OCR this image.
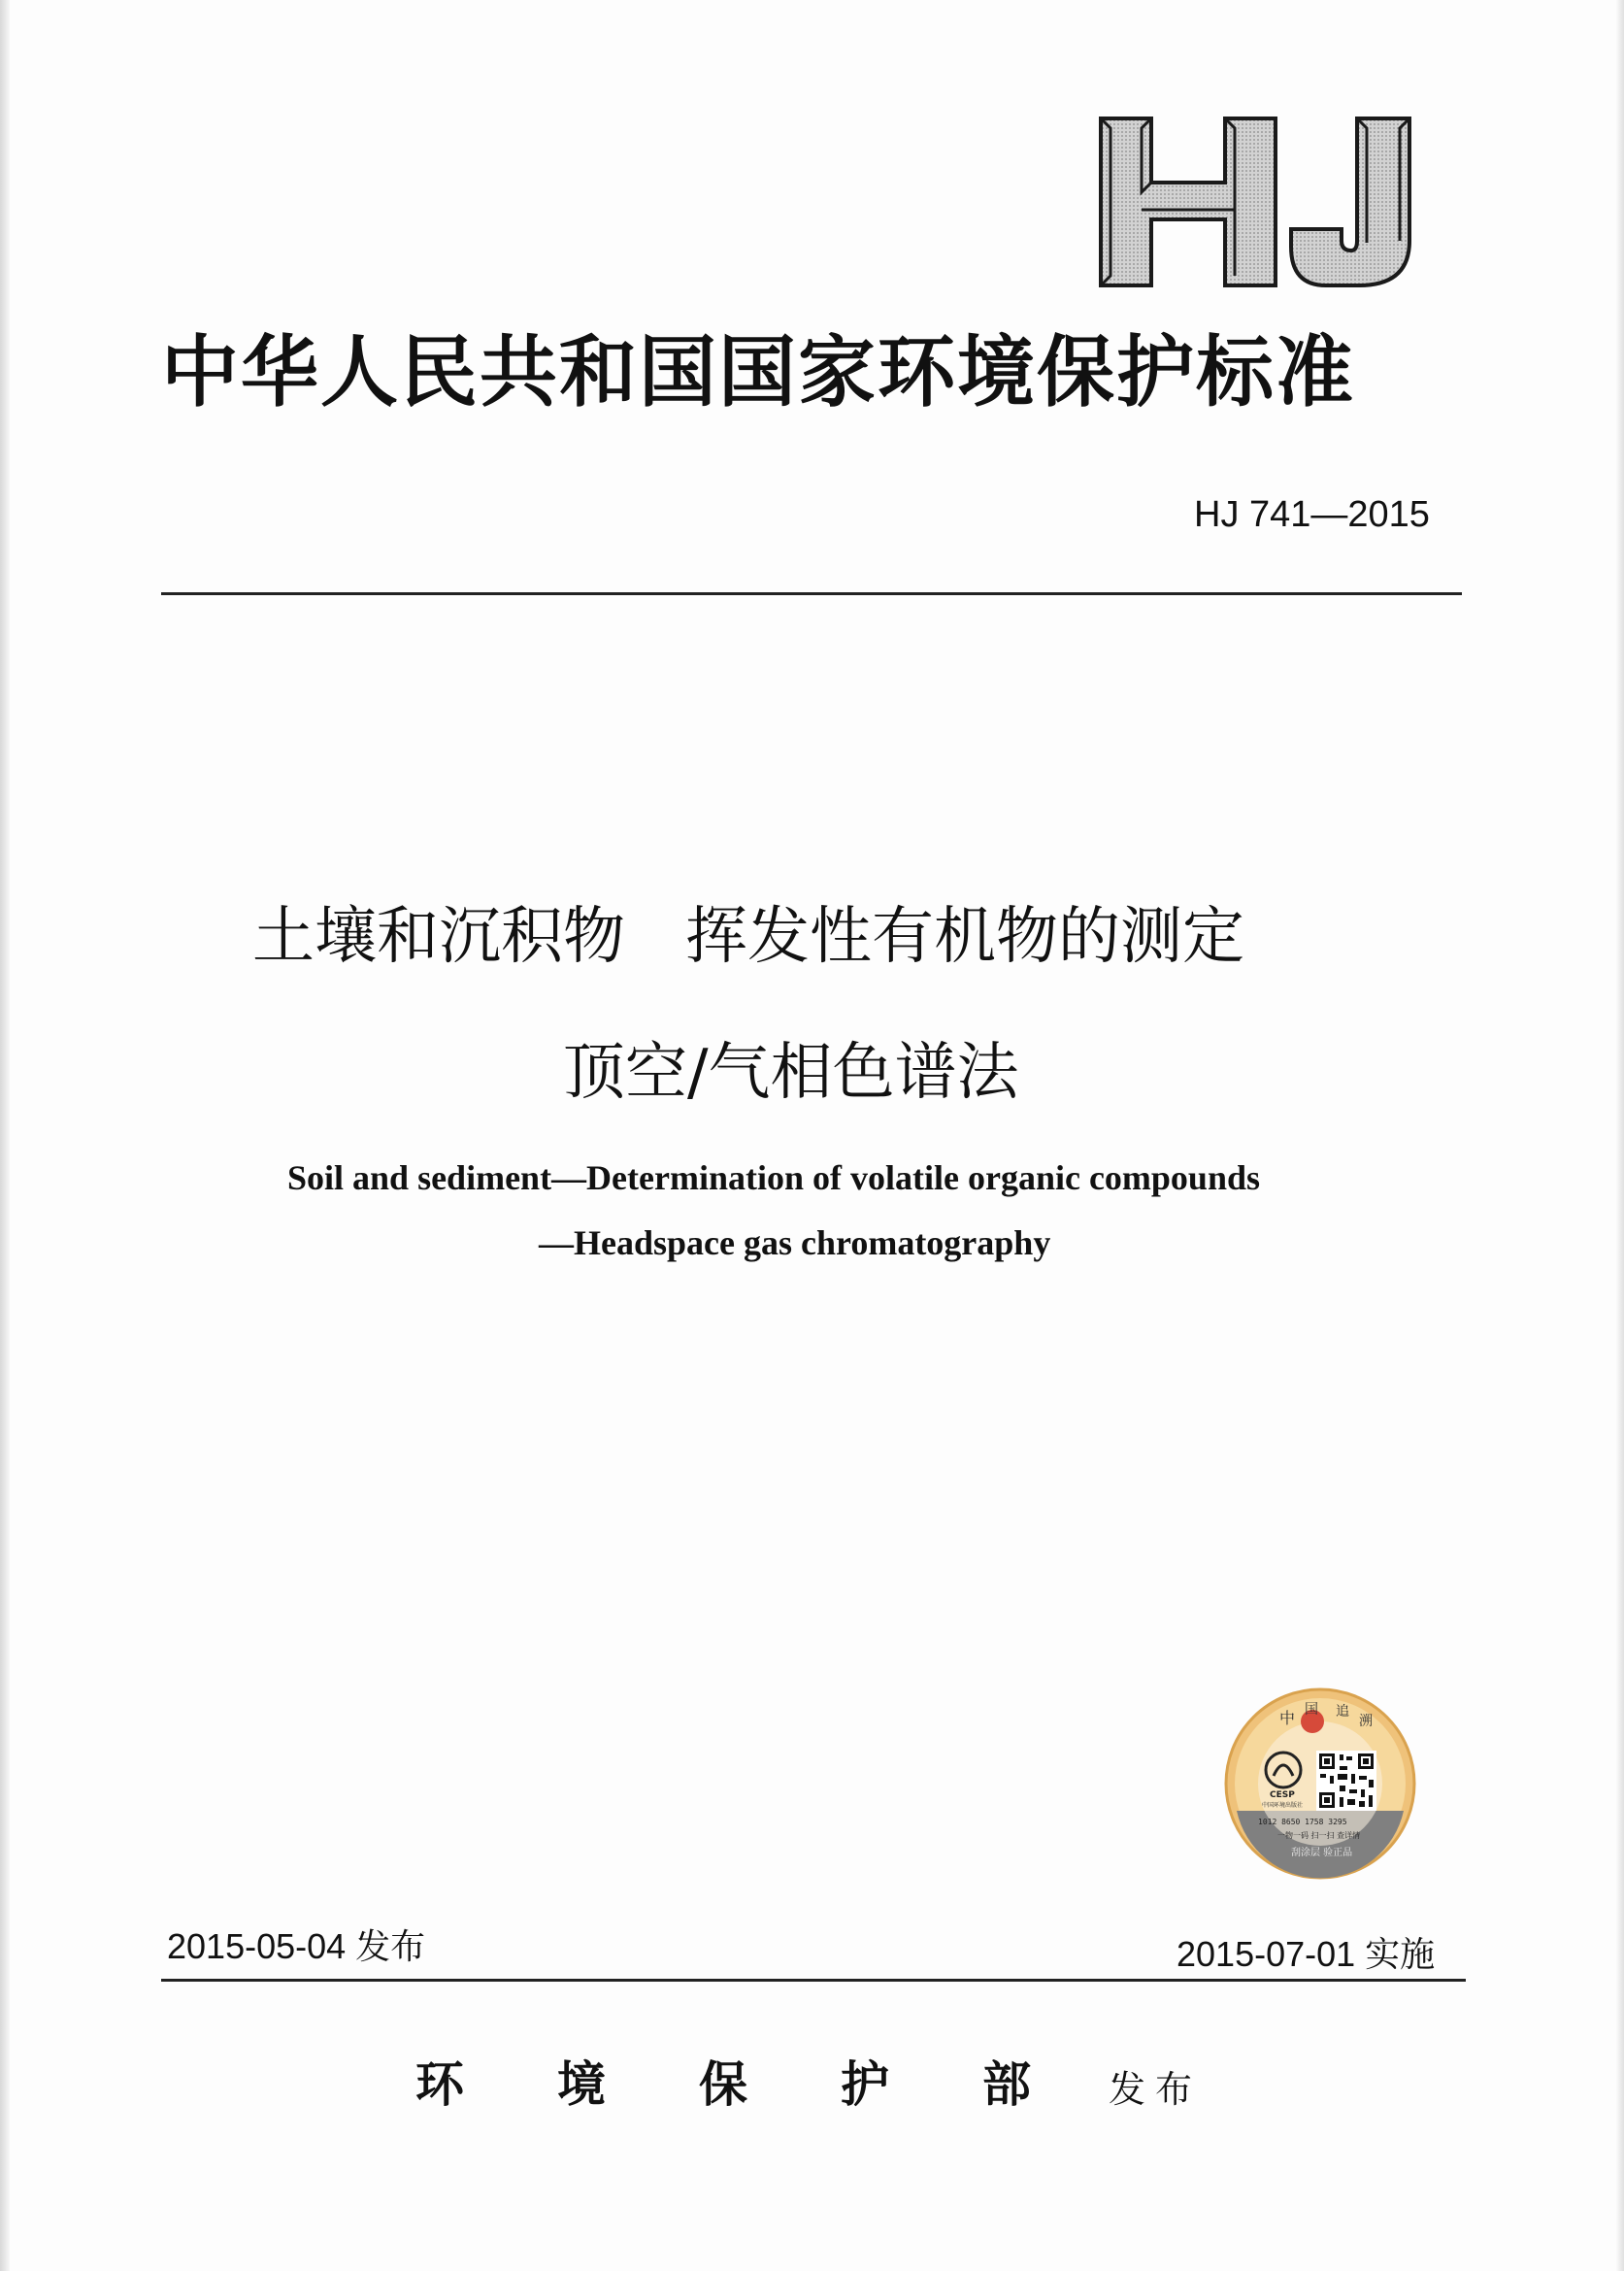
中华人民共和国国家环境保护标准
HJ 741—2015
土壤和沉积物 挥发性有机物的测定
顶空/气相色谱法
Soil and sediment—Determination of volatile organic compounds
—Headspace gas chromatography
中 国 追
溯
CESP
中国环境出版社
1012 8650 1758 3295
一物一码 扫一扫 查详情
刮涂层 验正品
2015-05-04 发布	2015-07-01 实施
环境保护部
发布
